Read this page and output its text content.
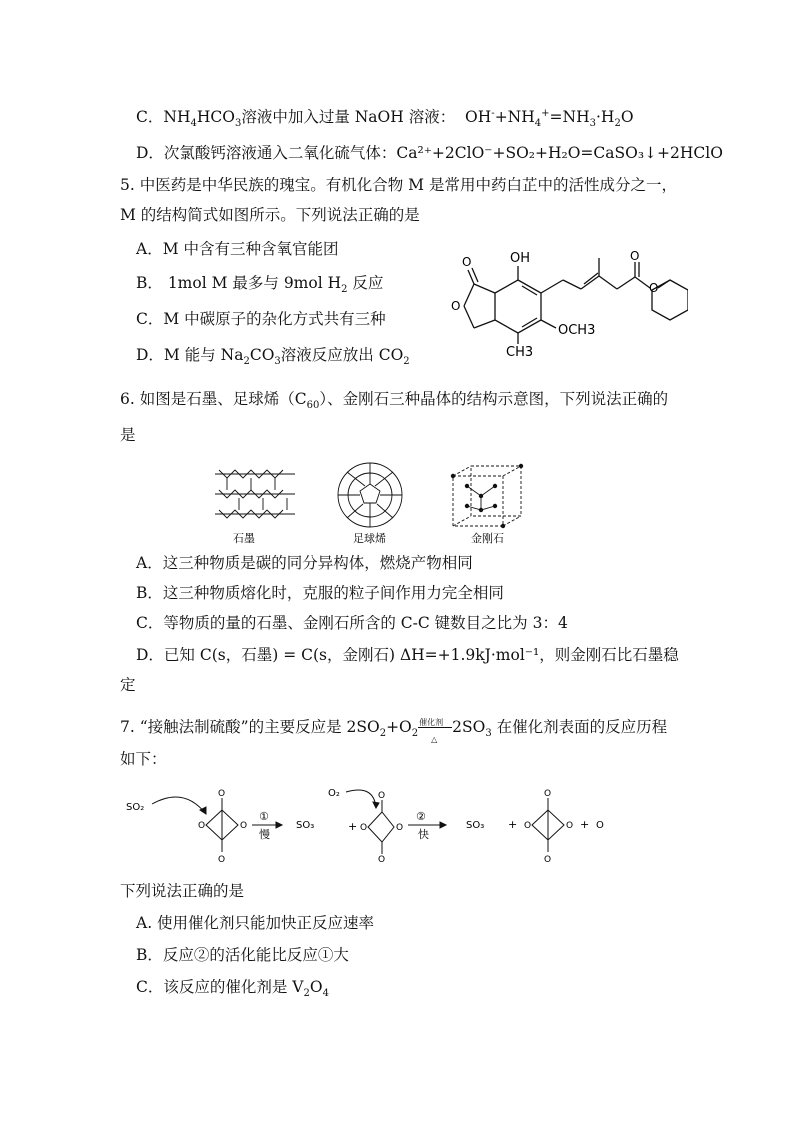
C．$NH_4HCO_3$溶液中加入过量 NaOH 溶液：  $OH^-+NH_4^+=NH_3\cdot H_2O$
D．次氯酸钙溶液通入二氧化硫气体：Ca²⁺+2ClO⁻+SO₂+H₂O=CaSO₃↓+2HClO
5. 中医药是中华民族的瑰宝。有机化合物 M 是常用中药白芷中的活性成分之一，
M 的结构简式如图所示。下列说法正确的是
A．M 中含有三种含氧官能团
B． 1mol M 最多与 9mol $H_2$ 反应
C．M 中碳原子的杂化方式共有三种
D．M 能与 $Na_2CO_3$溶液反应放出 $CO_2$
O
O
OH	O
O
OCH3
CH3
6. 如图是石墨、足球烯$(C_{60})$、金刚石三种晶体的结构示意图，下列说法正确的
是
石墨	足球烯	金刚石
A．这三种物质是碳的同分异构体，燃烧产物相同
B．这三种物质熔化时，克服的粒子间作用力完全相同
C．等物质的量的石墨、金刚石所含的 C-C 键数目之比为 3：4
D．已知 C(s，石墨) = C(s，金刚石) ΔH=+1.9kJ·mol⁻¹，则金刚石比石墨稳
定
7. “接触法制硫酸”的主要反应是 $2SO_2+O_2$
催化剂
△
$2SO_3$ 在催化剂表面的反应历程
如下：
SO₂
O
O
O	O
①
慢
SO₃	+
O₂	O
O
O	O
②
快
SO₃ +
O
O
O	O + O
下列说法正确的是
A. 使用催化剂只能加快正反应速率
B．反应②的活化能比反应①大
C．该反应的催化剂是 $V_2O_4$
